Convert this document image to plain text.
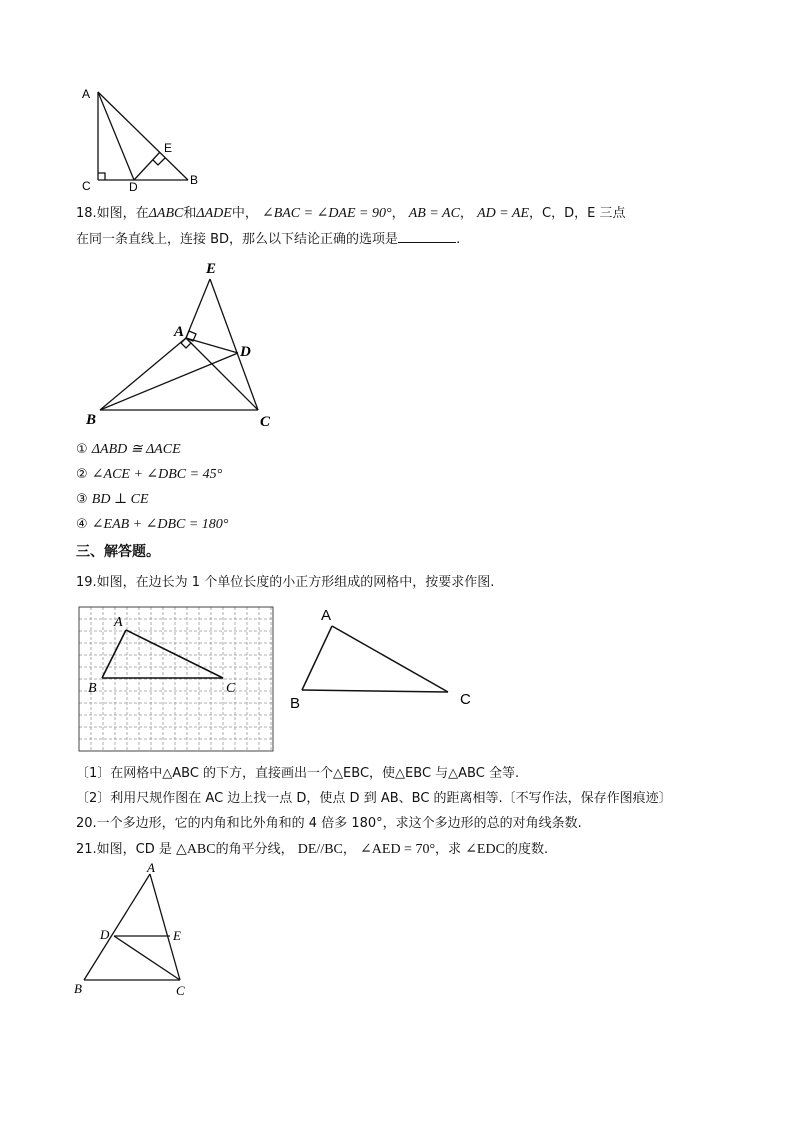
A
C	D
E
B
18.如图，在ΔABC和ΔADE中， ∠BAC = ∠DAE = 90°， AB = AC， AD = AE，C，D，E 三点
在同一条直线上，连接 BD，那么以下结论正确的选项是	.
E
A
D
B	C
① ΔABD ≅ ΔACE
② ∠ACE + ∠DBC = 45°
③ BD ⊥ CE
④ ∠EAB + ∠DBC = 180°
三、解答题。
19.如图，在边长为 1 个单位长度的小正方形组成的网格中，按要求作图.
A
B	C
A
B	C
〔1〕在网格中△ABC 的下方，直接画出一个△EBC，使△EBC 与△ABC 全等.
〔2〕利用尺规作图在 AC 边上找一点 D，使点 D 到 AB、BC 的距离相等.〔不写作法，保存作图痕迹〕
20.一个多边形，它的内角和比外角和的 4 倍多 180°，求这个多边形的总的对角线条数.
21.如图，CD 是 △ABC的角平分线， DE//BC， ∠AED = 70°，求 ∠EDC的度数.
A
D	E
B	C
